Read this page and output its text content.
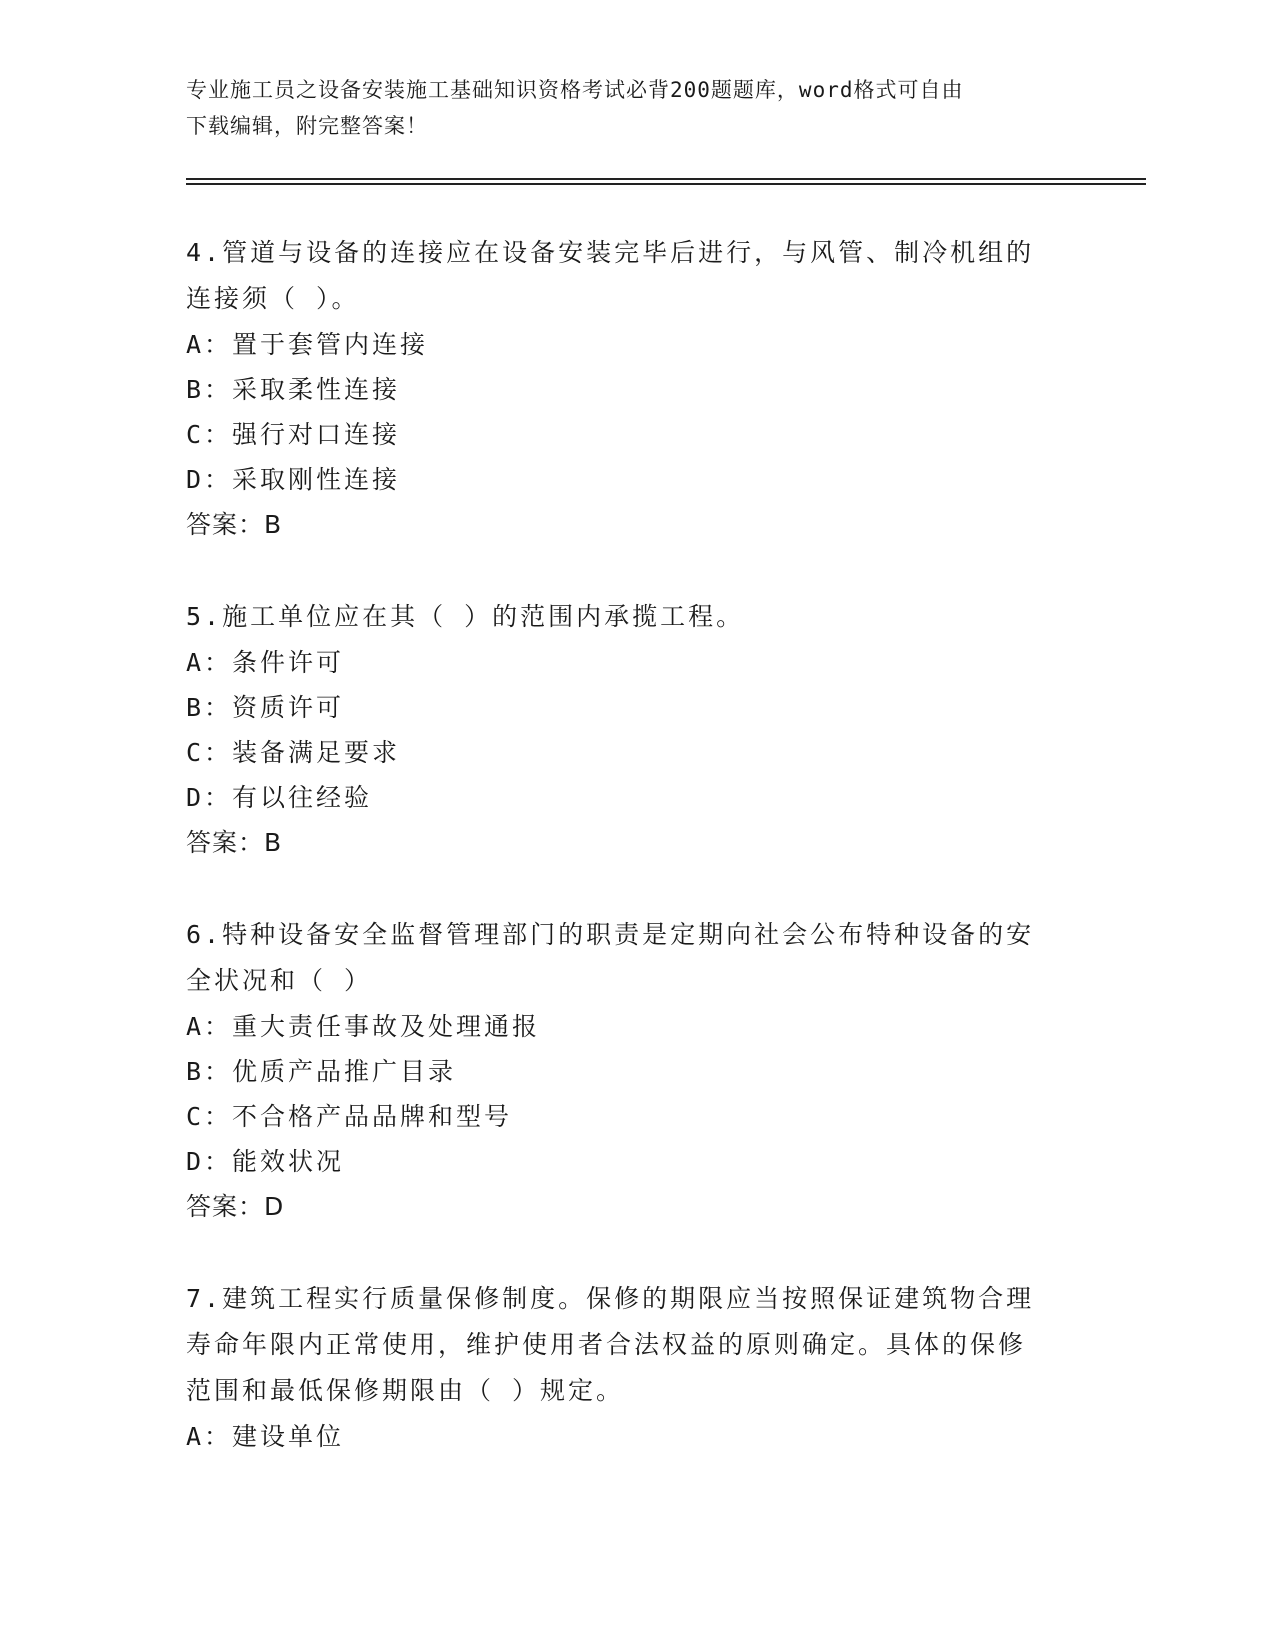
专业施工员之设备安装施工基础知识资格考试必背200题题库，word格式可自由
下载编辑，附完整答案！

4.管道与设备的连接应在设备安装完毕后进行，与风管、制冷机组的

连接须（ ）。

A：置于套管内连接

B：采取柔性连接

C：强行对口连接

D：采取刚性连接

答案：B

5.施工单位应在其（ ）的范围内承揽工程。

A：条件许可

B：资质许可

C：装备满足要求

D：有以往经验

答案：B

6.特种设备安全监督管理部门的职责是定期向社会公布特种设备的安

全状况和（ ）

A：重大责任事故及处理通报

B：优质产品推广目录

C：不合格产品品牌和型号

D：能效状况

答案：D

7.建筑工程实行质量保修制度。保修的期限应当按照保证建筑物合理

寿命年限内正常使用，维护使用者合法权益的原则确定。具体的保修

范围和最低保修期限由（ ）规定。

A：建设单位
